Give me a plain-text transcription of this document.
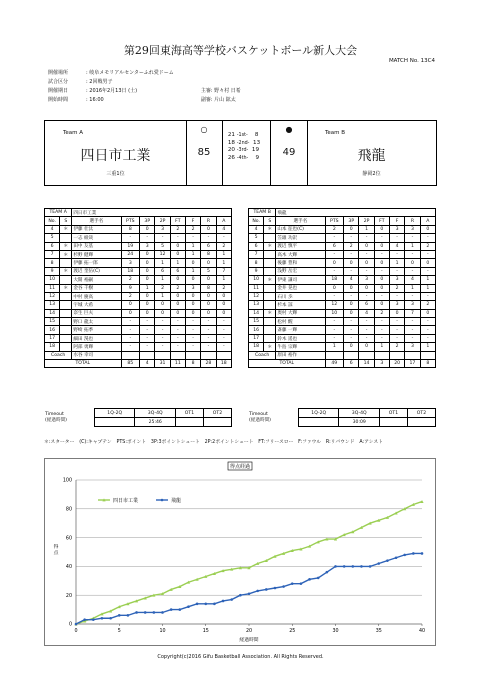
第29回東海高等学校バスケットボール新人大会
MATCH No. 13C4
開催場所	: 岐阜メモリアルセンターふれ愛ドーム
試合区分	: 2回戦男子
開催期日	: 2016年2月13日 (土)	主審: 野々村 日希
開始時間	: 16:00	副審: 片山 鉱太
Team A
四日市工業
三重1位
○
85
21 -1st- 8
18 -2nd- 13
20 -3rd- 19
26 -4th- 9
●
49
Team B
飛龍
静岡2位
TEAM A		四日市工業							
No.	S	選手名	PTS	3P	2P	FT	F	R	A
4	＊	伊藤 壮汰	8	0	3	2	2	0	4
5		一志 綾哉	-	-	-	-	-	-	-
6	＊	田中 友基	19	3	5	0	1	6	2
7	＊	杉野 健輝	24	0	12	0	1	8	1
8		伊藤 拓一郎	3	0	1	1	0	0	1
9	＊	渡辺 奎伍(C)	18	0	6	6	1	5	7
10		大開 裕嗣	2	0	1	0	0	0	1
11	＊	金谷 千樹	9	1	2	2	3	8	2
12		中村 慶高	2	0	1	0	0	0	0
13		宇城 大希	0	0	0	0	0	0	0
14		奈生 巨夫	0	0	0	0	0	0	0
15		野口 龍太	-	-	-	-	-	-	-
16		野崎 拓季	-	-	-	-	-	-	-
17		細田 滉也	-	-	-	-	-	-	-
18		阿部 勇輝	-	-	-	-	-	-	-
Coach		水谷 幸司							
TOTAL			85	4	31	11	8	28	18
TEAM B		飛龍							
No.	S	選手名	PTS	3P	2P	FT	F	R	A
4	＊	山本 征也(C)	2	0	1	0	3	3	0
5		笠雄 功訳	-	-	-	-	-	-	-
6	＊	渡辺 慎平	6	2	0	0	4	1	2
7		高木 大輝	-	-	-	-	-	-	-
8		後藤 豊和	0	0	0	0	1	0	0
9		浅野 岳宏	-	-	-	-	-	-	-
10	＊	伊東 謙司	18	4	3	0	3	4	1
11		金井 晃也	0	0	0	0	2	1	1
12		石川 歩	-	-	-	-	-	-	-
13		杉本 諒	12	0	6	0	3	3	2
14	＊	奥村 大輝	10	0	4	2	0	7	0
15		松村 醒	-	-	-	-	-	-	-
16		斎藤 一輝	-	-	-	-	-	-	-
17		鈴木 遥也	-	-	-	-	-	-	-
18	＊	牛島 宗輝	1	0	0	1	2	3	1
Coach		原田 裕作							
TOTAL			49	6	14	3	20	17	8
Timeout
(経過時間)	1Q-2Q	3Q-4Q	OT1	OT2
		25:46		
Timeout
(経過時間)	1Q-2Q	3Q-4Q	OT1	OT2
		30:09		
＊:スターター　(C):キャプテン　PTS:ポイント　3P:3ポイントシュート　2P:2ポイントシュート　FT:フリースロー　F:ファウル　R:リバウンド　A:アシスト
得点経過
0
20
40
60
80
100
0	5	10	15	20	25	30	35	40
経過時間
得
点
四日市工業	飛龍
Copyright(c)2016 Gifu Basketball Association. All Rights Reserved.
